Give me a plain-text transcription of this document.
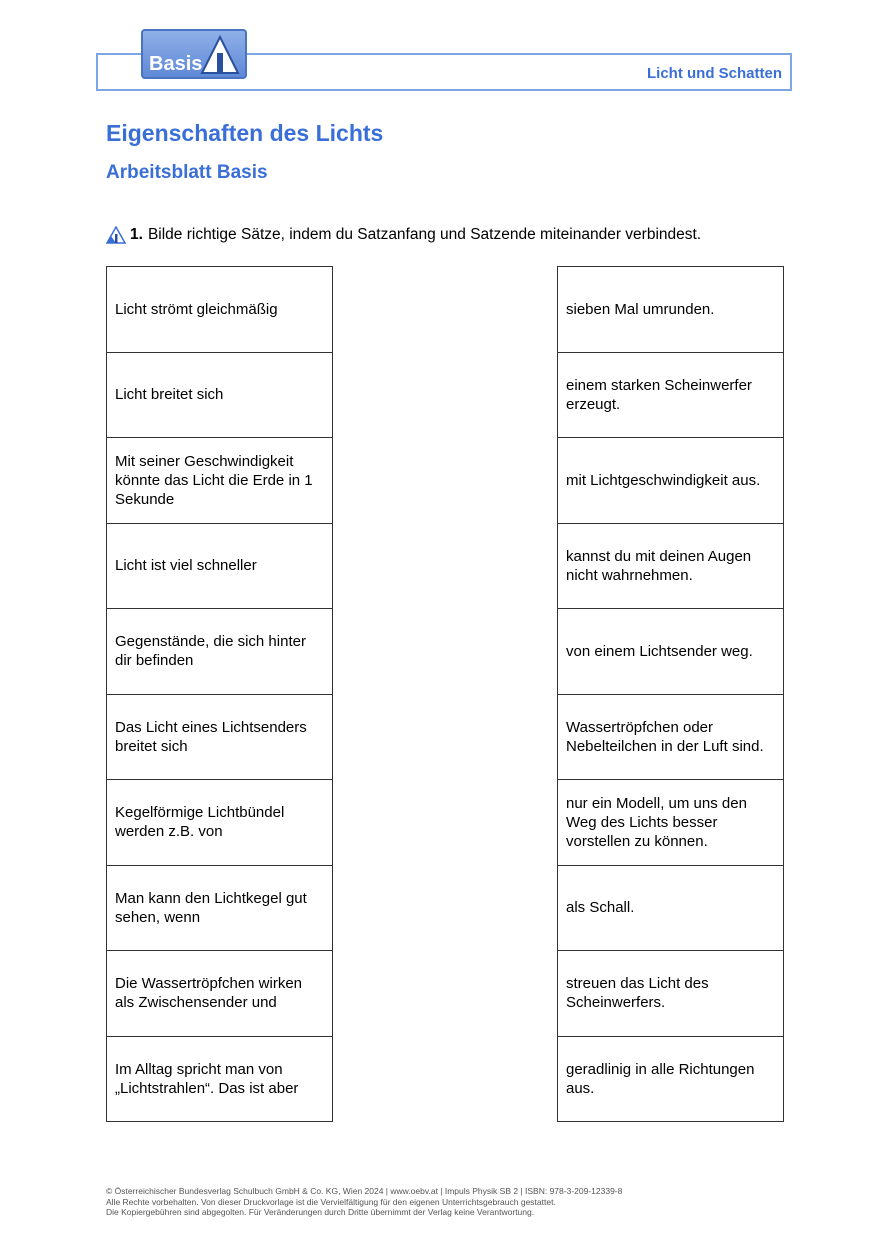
Licht und Schatten
Basis
Eigenschaften des Lichts
Arbeitsblatt Basis
1. Bilde richtige Sätze, indem du Satzanfang und Satzende miteinander verbindest.
Licht strömt gleichmäßig
Licht breitet sich
Mit seiner Geschwindigkeit könnte das Licht die Erde in 1 Sekunde
Licht ist viel schneller
Gegenstände, die sich hinter dir befinden
Das Licht eines Lichtsenders breitet sich
Kegelförmige Lichtbündel werden z.B. von
Man kann den Lichtkegel gut sehen, wenn
Die Wassertröpfchen wirken als Zwischensender und
Im Alltag spricht man von „Lichtstrahlen“. Das ist aber
sieben Mal umrunden.
einem starken Scheinwerfer erzeugt.
mit Lichtgeschwindigkeit aus.
kannst du mit deinen Augen nicht wahrnehmen.
von einem Lichtsender weg.
Wassertröpfchen oder Nebelteilchen in der Luft sind.
nur ein Modell, um uns den Weg des Lichts besser vorstellen zu können.
als Schall.
streuen das Licht des Scheinwerfers.
geradlinig in alle Richtungen aus.
© Österreichischer Bundesverlag Schulbuch GmbH & Co. KG, Wien 2024 | www.oebv.at | Impuls Physik SB 2 | ISBN: 978-3-209-12339-8
Alle Rechte vorbehalten. Von dieser Druckvorlage ist die Vervielfältigung für den eigenen Unterrichtsgebrauch gestattet.
Die Kopiergebühren sind abgegolten. Für Veränderungen durch Dritte übernimmt der Verlag keine Verantwortung.
